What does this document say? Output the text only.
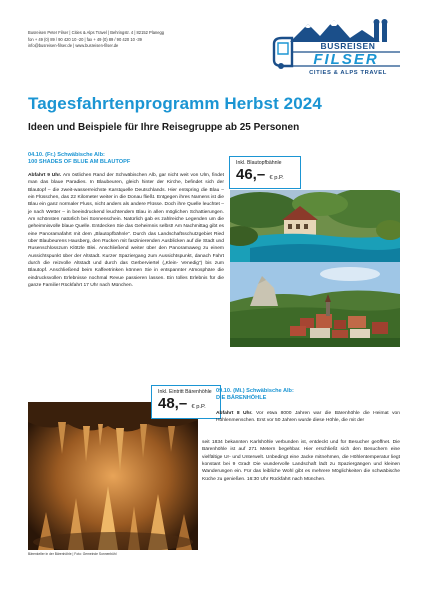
Busreisen Peter Filser | Cities & Alps Travel | Behringstr. 4 | 82152 Planegg
fon + 49 (0) 89 / 90 420 10 -20 | fax + 49 (0) 89 / 90 420 10 -39
info@busreisen-filser.de | www.busreisen-filser.de	BUSREISEN
FILSER
CITIES & ALPS TRAVEL
Tagesfahrtenprogramm Herbst 2024
Ideen und Beispiele für Ihre Reisegruppe ab 25 Personen
04.10. (Fr.) Schwäbische Alb:
100 SHADES OF BLUE AM BLAUTOPF
Abfahrt 9 Uhr. Am östlichen Rand der Schwäbischen Alb, gar nicht weit von Ulm, findet man das blaue Paradies. In Blaubeuren, gleich hinter der Kirche, befindet sich der Blautopf – die zweit-wasserreichste Karstquelle Deutschlands. Hier entspring die Blau – ein Flüsschen, das 22 Kilometer weiter in die Donau fließt. Entgegen ihres Namens ist die Blau ein ganz normaler Fluss, nicht anders als andere Flüsse. Doch ihre Quelle leuchtet – je nach Wetter – in beeindruckend leuchtendem Blau in allen möglichen Schattierungen. Am schönsten natürlich bei Sonnenschein. Natürlich gab es zahlreiche Legenden um die geheimnisvolle blaue Quelle. Entdecken Sie das Geheimnis selbst! Am Nachmittag gibt es eine Panoramafahrt mit dem „Blautopfbähnle“. Durch das Landschaftsschutzgebiet Ried über Blaubeurens Hausberg, den Rucken mit faszinierenden Ausblicken auf die Stadt und Rusenschlosszum Klötzle Blei. Anschließend weiter über den Panoramaweg zu einem Aussichtspunkt über der Altstadt. Kurzer Spaziergang zum Aussichtspunkt, danach Fahrt durch die reizvolle Altstadt und durch das Gerberviertel („Klein- Venedig“) bis zum Blautopf. Anschließend beim Kaffeetrinken können Sie in entspannter Atmosphäre die eindrucksvollen Erlebnisse nochmal Revue passieren lassen. Ein tolles Erlebnis für die ganze Familie! Rückfahrt 17 Uhr nach München.
Inkl. Blautopfbähnle
46,– € p.P.
Bärenkeller in der Bärenhöhle | Foto: Gemeinde Sonnenbühl
Inkl. Eintritt Bärenhöhle
48,– € p.P.
09.10. (Mi.) Schwäbische Alb:
DIE BÄRENHÖHLE
Abfahrt 8 Uhr. Vor etwa 8000 Jahren war die Bärenhöhle die Heimat von Höhlenmenschen. Erst vor 50 Jahren wurde diese Höhle, die mit der
seit 1834 bekannten Karlshöhle verbunden ist, entdeckt und für Besucher geöffnet. Die Bärenhöhle ist auf 271 Metern begehbar. Hier erschließt sich den Besuchern eine vielfältige Ur- und Unterwelt. Unbedingt eine Jacke mitnehmen, die Höhlentemperatur liegt konstant bei 9 Grad! Die wundervolle Landschaft lädt zu Spaziergängen und kleinen Wanderungen ein. Für das leibliche Wohl gibt es mehrere Möglichkeiten die schwäbische Küche zu genießen. 16:30 Uhr Rückfahrt nach München.
